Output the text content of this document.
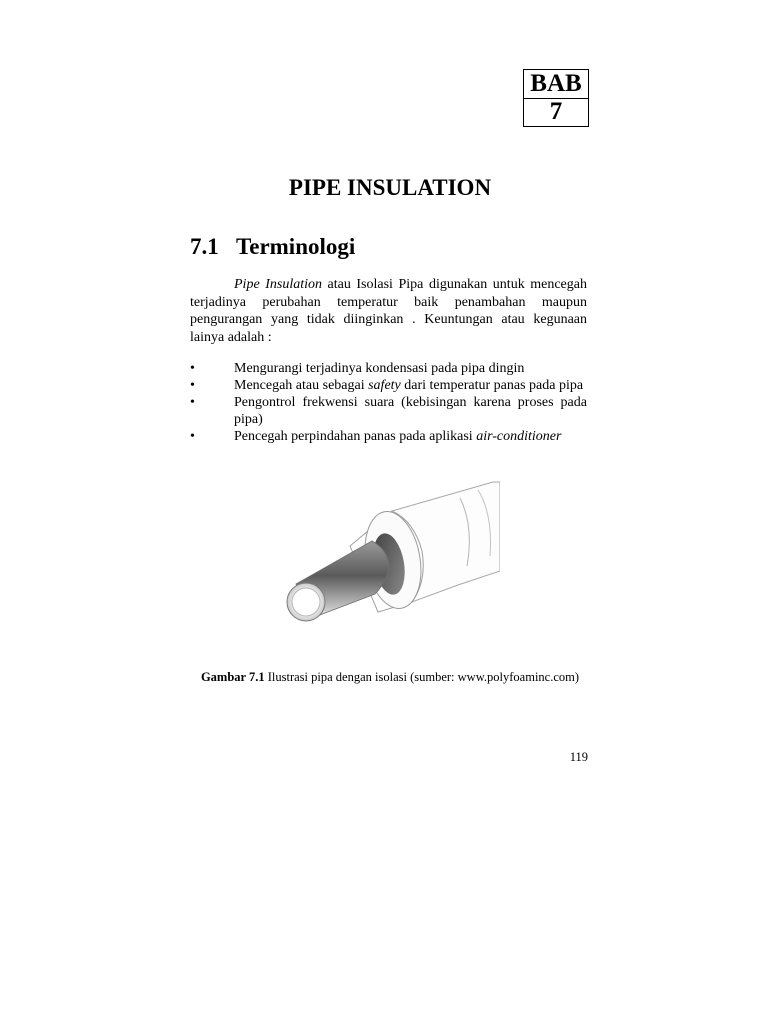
BAB
7
PIPE INSULATION
7.1 Terminologi

Pipe Insulation atau Isolasi Pipa digunakan untuk mencegah terjadinya perubahan temperatur baik penambahan maupun pengurangan yang tidak diinginkan . Keuntungan atau kegunaan lainya adalah :

•	Mengurangi terjadinya kondensasi pada pipa dingin
•	Mencegah atau sebagai safety dari temperatur panas pada pipa
•	Pengontrol frekwensi suara (kebisingan karena proses pada pipa)
•	Pencegah perpindahan panas pada aplikasi air-conditioner

Gambar 7.1 Ilustrasi pipa dengan isolasi (sumber: www.polyfoaminc.com)

119
